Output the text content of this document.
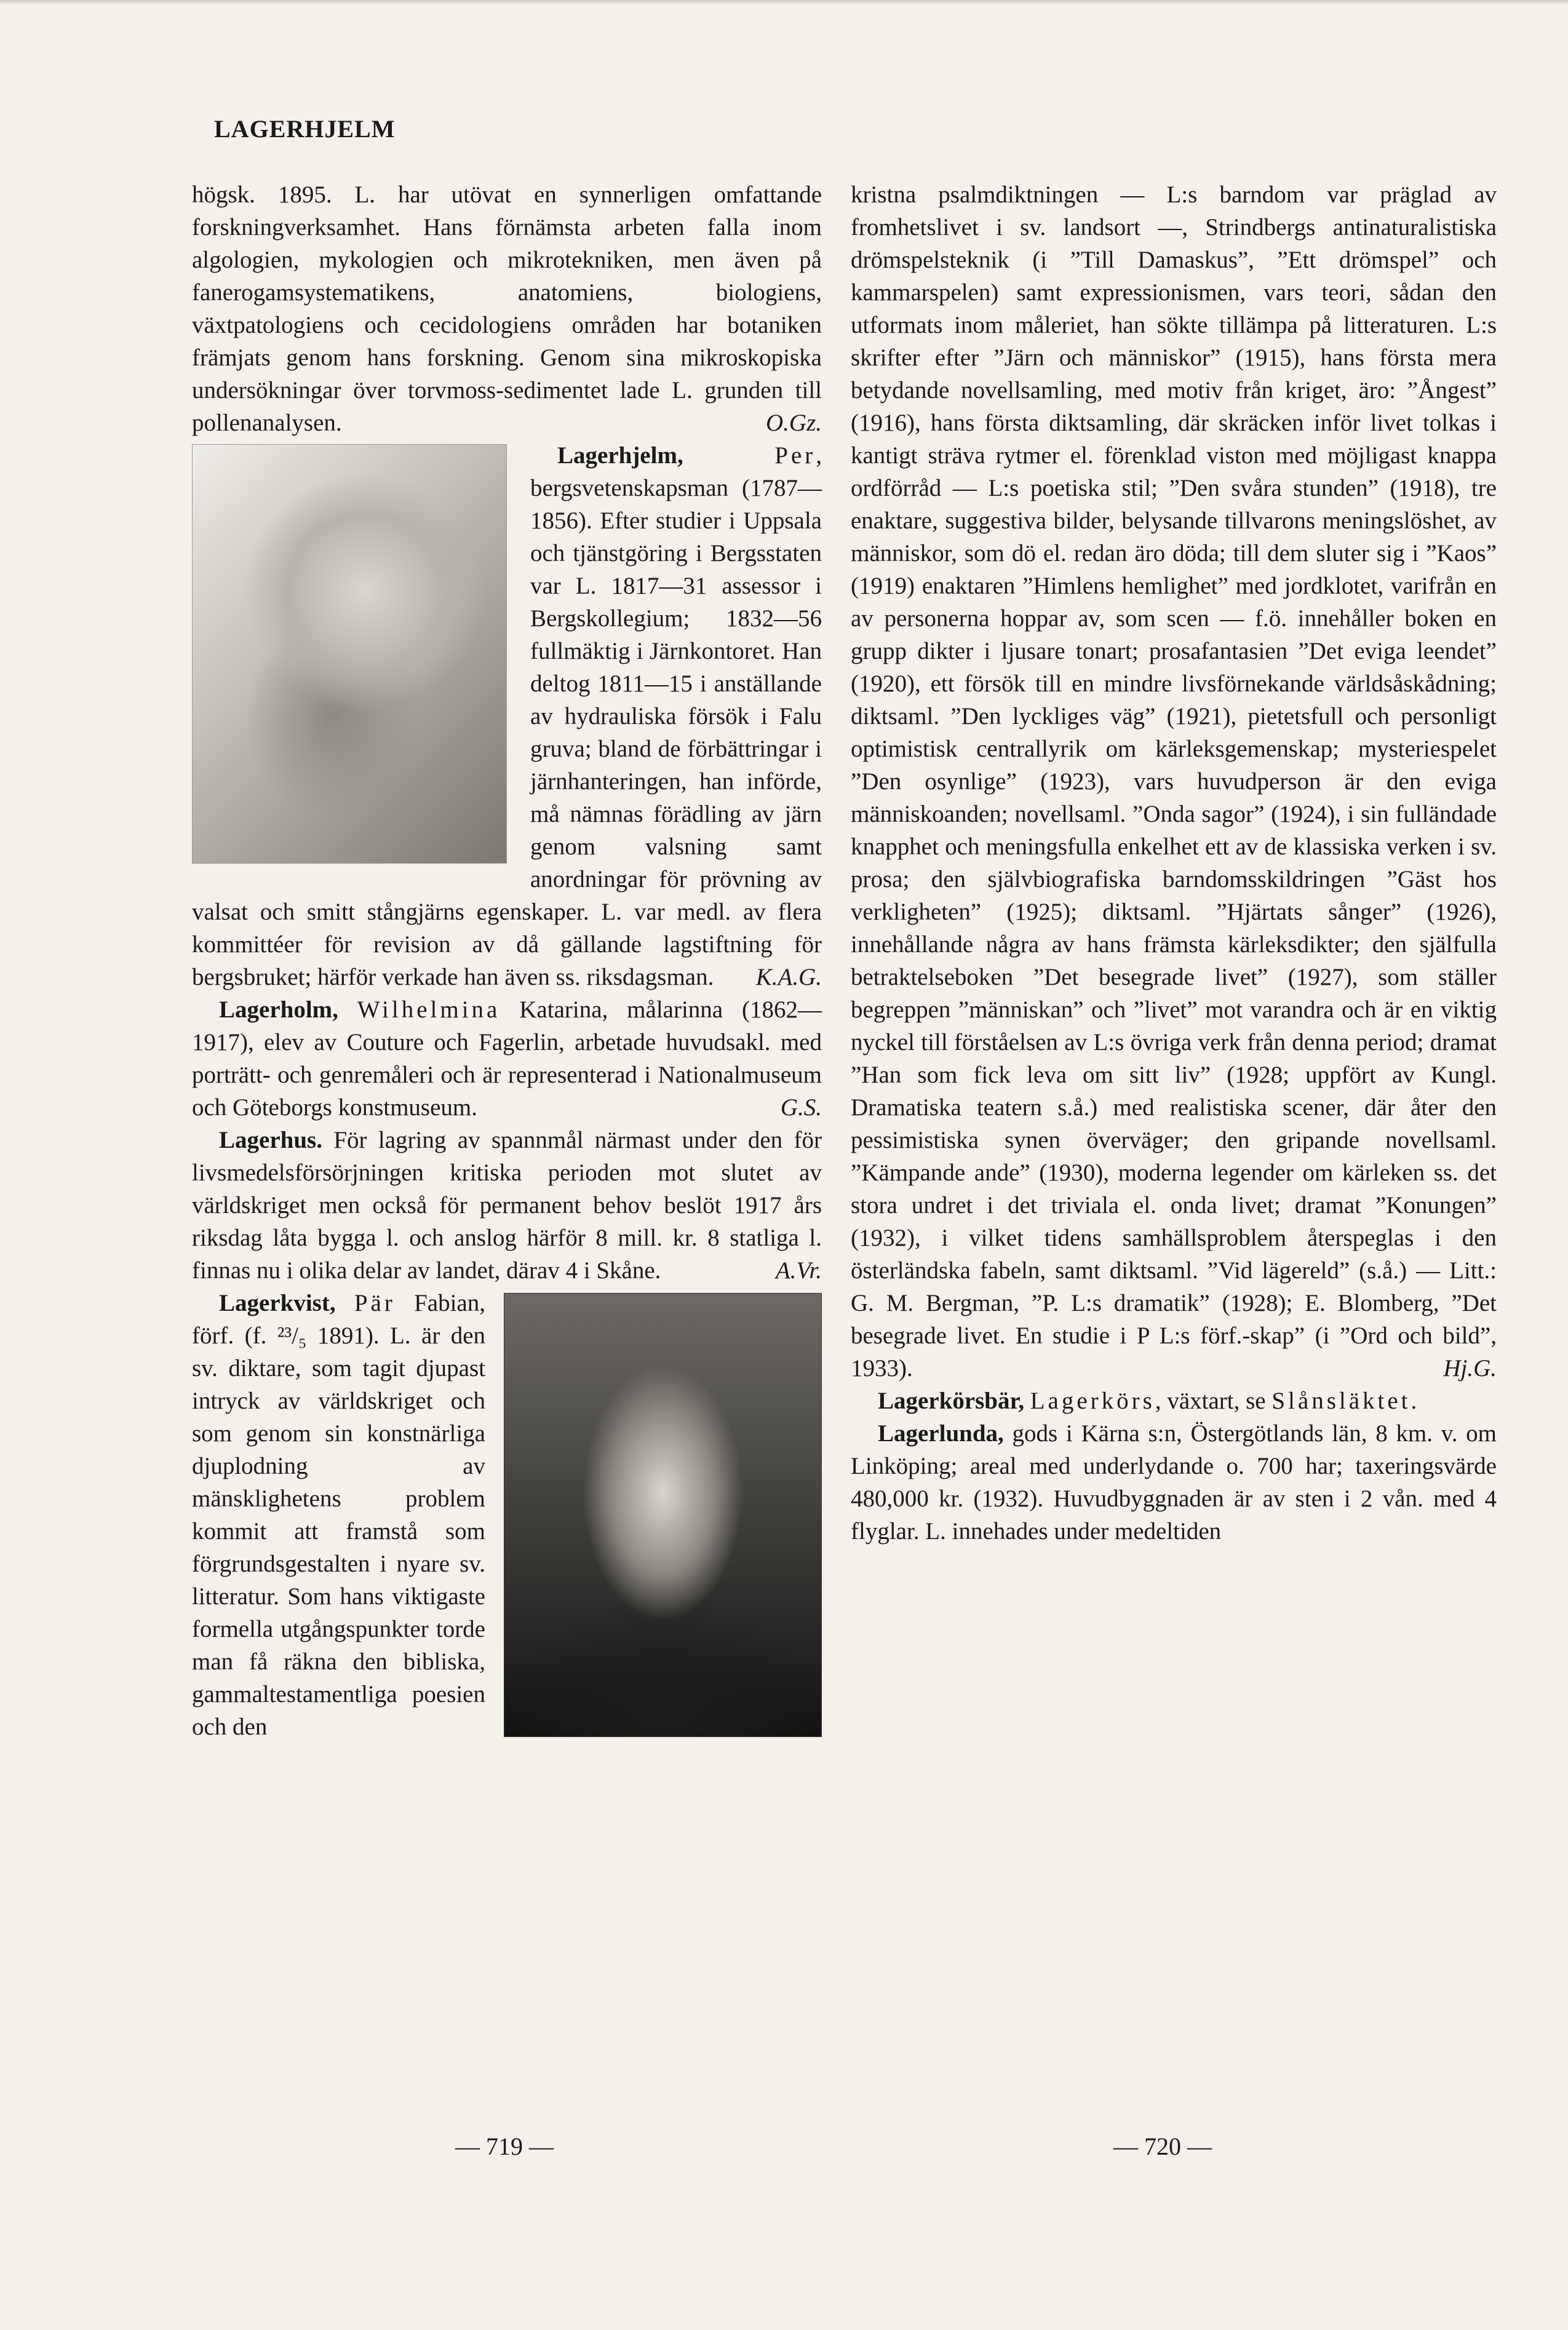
LAGERHJELM

högsk. 1895. L. har utövat en synnerligen omfattande forskningverksamhet. Hans förnämsta arbeten falla inom algologien, mykologien och mikrotekniken, men även på fanerogamsystematikens, anatomiens, biologiens, växtpatologiens och cecidologiens områden har botaniken främjats genom hans forskning. Genom sina mikroskopiska undersökningar över torvmoss-sedimentet lade L. grunden till pollenanalysen.	O.Gz.

Lagerhjelm,	Per, bergsvetenskapsman (1787—1856). Efter studier i Uppsala och tjänstgöring i Bergsstaten var L. 1817—31 assessor i Bergskollegium; 1832—56 fullmäktig i Järnkontoret. Han deltog 1811—15 i anställande av hydrauliska försök i Falu gruva; bland de förbättringar i järnhanteringen, han införde, må nämnas förädling av järn genom valsning samt anordningar för prövning av valsat och smitt stångjärns egenskaper. L. var medl. av flera kommittéer för revision av då gällande lagstiftning för bergsbruket; härför verkade han även ss. riksdagsman.	K.A.G.

Lagerholm, Wilhelmina Katarina, målarinna (1862—1917), elev av Couture och Fagerlin, arbetade huvudsakl. med porträtt- och genremåleri och är representerad i Nationalmuseum och Göteborgs konstmuseum.	G.S.

Lagerhus. För lagring av spannmål närmast under den för livsmedelsförsörjningen kritiska perioden mot slutet av världskriget men också för permanent behov beslöt 1917 års riksdag låta bygga l. och anslog härför 8 mill. kr. 8 statliga l. finnas nu i olika delar av landet, därav 4 i Skåne.	A.Vr.

Lagerkvist, Pär Fabian, förf. (f. ²³/₅ 1891). L. är den sv. diktare, som tagit djupast intryck av världskriget och som genom sin konstnärliga djuplodning av mänsklighetens problem kommit att framstå som förgrundsgestalten i nyare sv. litteratur. Som hans viktigaste formella utgångspunkter torde man få räkna den bibliska, gammaltestamentliga poesien och den

kristna psalmdiktningen — L:s barndom var präglad av fromhetslivet i sv. landsort —, Strindbergs antinaturalistiska drömspelsteknik (i ”Till Damaskus”, ”Ett drömspel” och kammarspelen) samt expressionismen, vars teori, sådan den utformats inom måleriet, han sökte tillämpa på litteraturen. L:s skrifter efter ”Järn och människor” (1915), hans första mera betydande novellsamling, med motiv från kriget, äro: ”Ångest” (1916), hans första diktsamling, där skräcken inför livet tolkas i kantigt sträva rytmer el. förenklad viston med möjligast knappa ordförråd — L:s poetiska stil; ”Den svåra stunden” (1918), tre enaktare, suggestiva bilder, belysande tillvarons meningslöshet, av människor, som dö el. redan äro döda; till dem sluter sig i ”Kaos” (1919) enaktaren ”Himlens hemlighet” med jordklotet, varifrån en av personerna hoppar av, som scen — f.ö. innehåller boken en grupp dikter i ljusare tonart; prosafantasien ”Det eviga leendet” (1920), ett försök till en mindre livsförnekande världsåskådning; diktsaml. ”Den lyckliges väg” (1921), pietetsfull och personligt optimistisk centrallyrik om kärleksgemenskap; mysteriespelet ”Den osynlige” (1923), vars huvudperson är den eviga människoanden; novellsaml. ”Onda sagor” (1924), i sin fulländade knapphet och meningsfulla enkelhet ett av de klassiska verken i sv. prosa; den självbiografiska barndomsskildringen ”Gäst hos verkligheten” (1925); diktsaml. ”Hjärtats sånger” (1926), innehållande några av hans främsta kärleksdikter; den själfulla betraktelseboken ”Det besegrade livet” (1927), som ställer begreppen ”människan” och ”livet” mot varandra och är en viktig nyckel till förståelsen av L:s övriga verk från denna period; dramat ”Han som fick leva om sitt liv” (1928; uppfört av Kungl. Dramatiska teatern s.å.) med realistiska scener, där åter den pessimistiska synen överväger; den gripande novellsaml. ”Kämpande ande” (1930), moderna legender om kärleken ss. det stora undret i det triviala el. onda livet; dramat ”Konungen” (1932), i vilket tidens samhällsproblem återspeglas i den österländska fabeln, samt diktsaml. ”Vid lägereld” (s.å.) — Litt.: G. M. Bergman, ”P. L:s dramatik” (1928); E. Blomberg, ”Det besegrade livet. En studie i P L:s förf.-skap” (i ”Ord och bild”, 1933).	Hj.G.

Lagerkörsbär, Lagerkörs, växtart, se Slånsläktet.

Lagerlunda, gods i Kärna s:n, Östergötlands län, 8 km. v. om Linköping; areal med underlydande o. 700 har; taxeringsvärde 480,000 kr. (1932). Huvudbyggnaden är av sten i 2 vån. med 4 flyglar. L. innehades under medeltiden

— 719 —	— 720 —
